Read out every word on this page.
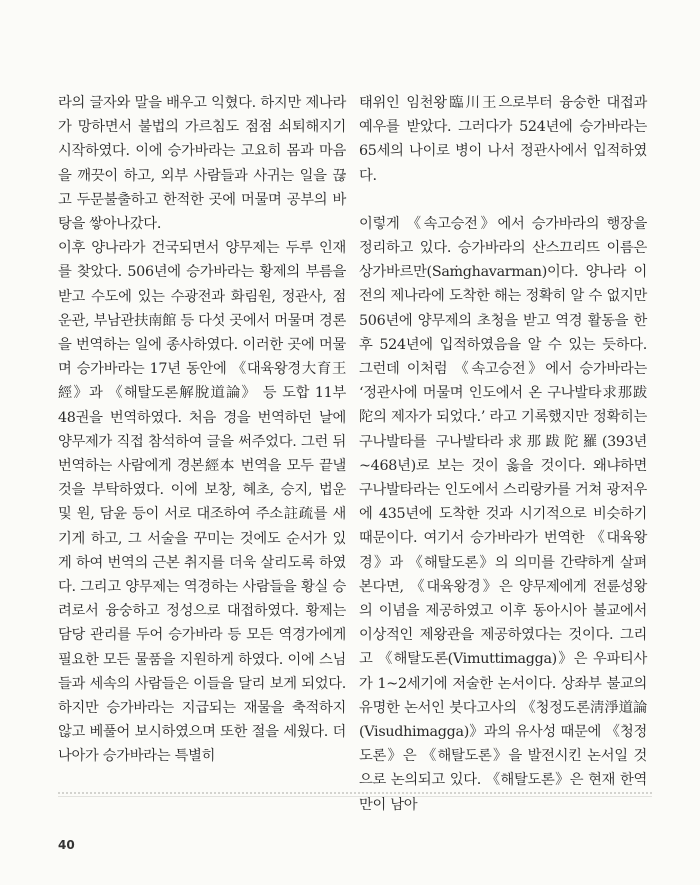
라의 글자와 말을 배우고 익혔다. 하지만 제나라가 망하면서 불법의 가르침도 점점 쇠퇴해지기 시작하였다. 이에 승가바라는 고요히 몸과 마음을 깨끗이 하고, 외부 사람들과 사귀는 일을 끊고 두문불출하고 한적한 곳에 머물며 공부의 바탕을 쌓아나갔다.

이후 양나라가 건국되면서 양무제는 두루 인재를 찾았다. 506년에 승가바라는 황제의 부름을 받고 수도에 있는 수광전과 화림원, 정관사, 점운관, 부남관扶南館 등 다섯 곳에서 머물며 경론을 번역하는 일에 종사하였다. 이러한 곳에 머물며 승가바라는 17년 동안에 《대육왕경大育王經》과 《해탈도론解脫道論》 등 도합 11부 48권을 번역하였다. 처음 경을 번역하던 날에 양무제가 직접 참석하여 글을 써주었다. 그런 뒤 번역하는 사람에게 경본經本 번역을 모두 끝낼 것을 부탁하였다. 이에 보창, 혜초, 승지, 법운 및 원, 담윤 등이 서로 대조하여 주소註疏를 새기게 하고, 그 서술을 꾸미는 것에도 순서가 있게 하여 번역의 근본 취지를 더욱 살리도록 하였다. 그리고 양무제는 역경하는 사람들을 황실 승려로서 융숭하고 정성으로 대접하였다. 황제는 담당 관리를 두어 승가바라 등 모든 역경가에게 필요한 모든 물품을 지원하게 하였다. 이에 스님들과 세속의 사람들은 이들을 달리 보게 되었다. 하지만 승가바라는 지급되는 재물을 축적하지 않고 베풀어 보시하였으며 또한 절을 세웠다. 더 나아가 승가바라는 특별히

태위인 임천왕臨川王으로부터 융숭한 대접과 예우를 받았다. 그러다가 524년에 승가바라는 65세의 나이로 병이 나서 정관사에서 입적하였다.

이렇게 《속고승전》에서 승가바라의 행장을 정리하고 있다. 승가바라의 산스끄리뜨 이름은 상가바르만(Saṁghavarman)이다. 양나라 이전의 제나라에 도착한 해는 정확히 알 수 없지만 506년에 양무제의 초청을 받고 역경 활동을 한 후 524년에 입적하였음을 알 수 있는 듯하다. 그런데 이처럼 《속고승전》에서 승가바라는 ‘정관사에 머물며 인도에서 온 구나발타求那跋陀의 제자가 되었다.’ 라고 기록했지만 정확히는 구나발타를 구나발타라求那跋陀羅(393년~468년)로 보는 것이 옳을 것이다. 왜냐하면 구나발타라는 인도에서 스리랑카를 거쳐 광저우에 435년에 도착한 것과 시기적으로 비슷하기 때문이다. 여기서 승가바라가 번역한 《대육왕경》과 《해탈도론》의 의미를 간략하게 살펴본다면, 《대육왕경》은 양무제에게 전륜성왕의 이념을 제공하였고 이후 동아시아 불교에서 이상적인 제왕관을 제공하였다는 것이다. 그리고 《해탈도론(Vimuttimagga)》은 우파티사가 1~2세기에 저술한 논서이다. 상좌부 불교의 유명한 논서인 붓다고사의 《청정도론淸淨道論(Visudhimagga)》과의 유사성 때문에 《청정도론》은 《해탈도론》을 발전시킨 논서일 것으로 논의되고 있다. 《해탈도론》은 현재 한역만이 남아

40
